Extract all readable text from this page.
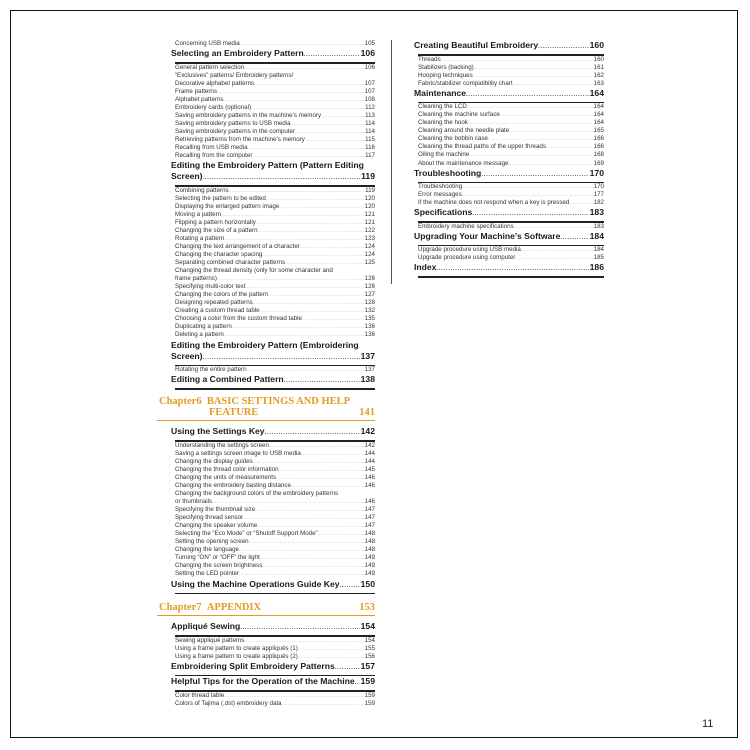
Concerning USB media . . .	105
Selecting an Embroidery Pattern . . .	106
General pattern selection . . .	106
“Exclusives” patterns/ Embroidery patterns/
Decorative alphabet patterns . . .	107
Frame patterns . . .	107
Alphabet patterns . . .	108
Embroidery cards (optional) . . .	112
Saving embroidery patterns in the machine’s memory . . .	113
Saving embroidery patterns to USB media . . .	114
Saving embroidery patterns in the computer . . .	114
Retrieving patterns from the machine’s memory . . .	115
Recalling from USB media . . .	116
Recalling from the computer . . .	117
Editing the Embroidery Pattern (Pattern Editing
Screen) . . .	119
Combining patterns . . .	119
Selecting the pattern to be edited . . .	120
Displaying the enlarged pattern image . . .	120
Moving a pattern . . .	121
Flipping a pattern horizontally . . .	121
Changing the size of a pattern . . .	122
Rotating a pattern . . .	123
Changing the text arrangement of a character . . .	124
Changing the character spacing . . .	124
Separating combined character patterns . . .	125
Changing the thread density (only for some character and
frame patterns) . . .	126
Specifying multi-color text . . .	126
Changing the colors of the pattern . . .	127
Designing repeated patterns . . .	128
Creating a custom thread table . . .	132
Choosing a color from the custom thread table . . .	135
Duplicating a pattern . . .	136
Deleting a pattern . . .	136
Editing the Embroidery Pattern (Embroidering
Screen) . . .	137
Rotating the entire pattern . . .	137
Editing a Combined Pattern . . .	138
Chapter6 BASIC SETTINGS AND HELP
FEATURE	141
Using the Settings Key . . .	142
Understanding the settings screen . . .	142
Saving a settings screen image to USB media . . .	144
Changing the display guides . . .	144
Changing the thread color information . . .	145
Changing the units of measurements . . .	146
Changing the embroidery basting distance . . .	146
Changing the background colors of the embroidery patterns
or thumbnails . . .	146
Specifying the thumbnail size . . .	147
Specifying thread sensor . . .	147
Changing the speaker volume . . .	147
Selecting the “Eco Mode” or “Shutoff Support Mode” . . .	148
Setting the opening screen . . .	148
Changing the language . . .	148
Turning “ON” or “OFF” the light . . .	149
Changing the screen brightness . . .	149
Setting the LED pointer . . .	149
Using the Machine Operations Guide Key . . . 150
Chapter7 APPENDIX	153
Appliqué Sewing . . .	154
Sewing appliqué patterns . . .	154
Using a frame pattern to create appliqués (1) . . .	155
Using a frame pattern to create appliqués (2) . . .	156
Embroidering Split Embroidery Patterns . . .	157
Helpful Tips for the Operation of the Machine . . . 159
Color thread table . . .	159
Colors of Tajima (.dst) embroidery data . . .	159
Creating Beautiful Embroidery . . .	160
Threads . . .	160
Stabilizers (backing) . . .	161
Hooping techniques . . .	162
Fabric/stabilizer compatibility chart . . .	163
Maintenance . . .	164
Cleaning the LCD . . .	164
Cleaning the machine surface . . .	164
Cleaning the hook . . .	164
Cleaning around the needle plate . . .	165
Cleaning the bobbin case . . .	166
Cleaning the thread paths of the upper threads . . .	166
Oiling the machine . . .	168
About the maintenance message . . .	169
Troubleshooting . . .	170
Troubleshooting . . .	170
Error messages . . .	177
If the machine does not respond when a key is pressed . . .	182
Specifications . . .	183
Embroidery machine specifications . . .	183
Upgrading Your Machine’s Software . . .	184
Upgrade procedure using USB media . . .	184
Upgrade procedure using computer . . .	185
Index . . .	186
11
